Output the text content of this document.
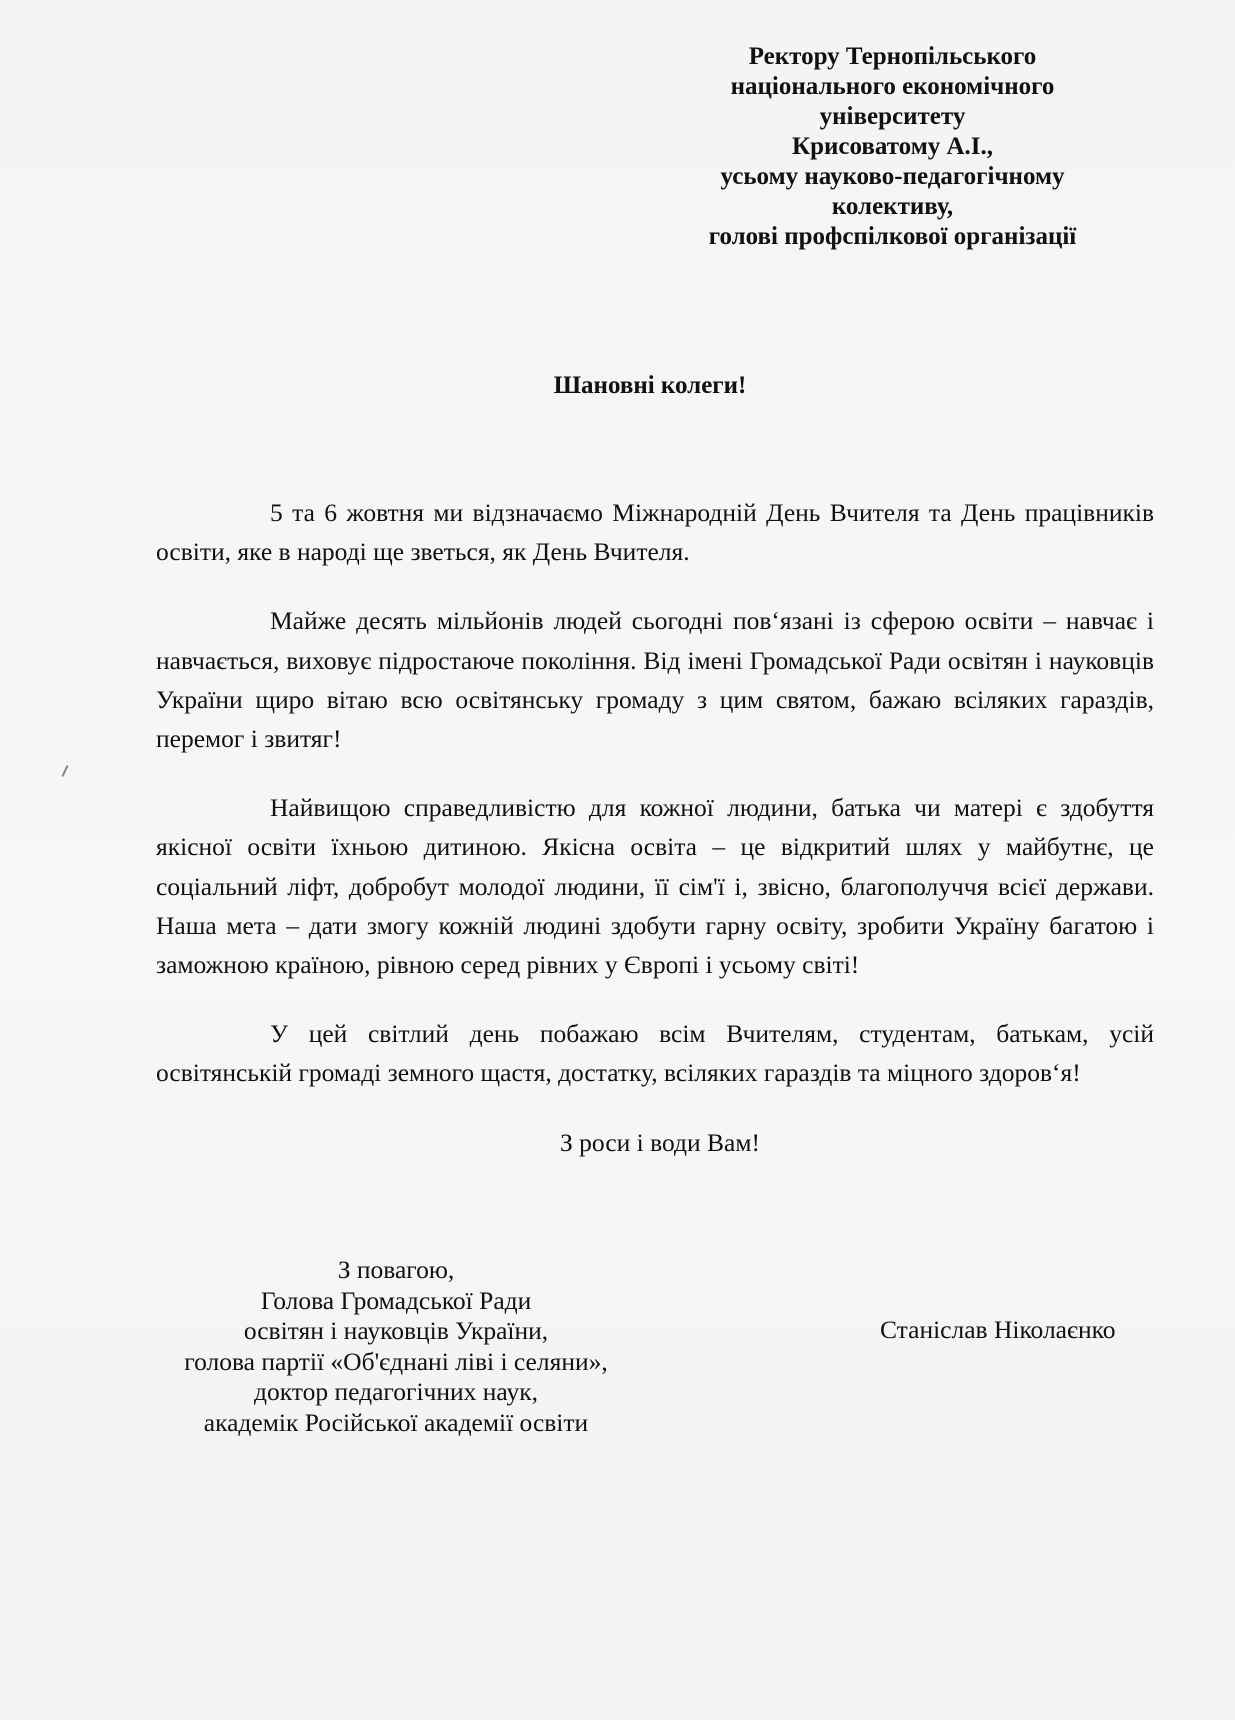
Ректору Тернопільського
національного економічного
університету
Крисоватому А.І.,
усьому науково-педагогічному
колективу,
голові профспілкової організації
Шановні колеги!

5 та 6 жовтня ми відзначаємо Міжнародній День Вчителя та День працівників освіти, яке в народі ще зветься, як День Вчителя.

Майже десять мільйонів людей сьогодні пов‘язані із сферою освіти – навчає і навчається, виховує підростаюче покоління. Від імені Громадської Ради освітян і науковців України щиро вітаю всю освітянську громаду з цим святом, бажаю всіляких гараздів, перемог і звитяг!

Найвищою справедливістю для кожної людини, батька чи матері є здобуття якісної освіти їхньою дитиною. Якісна освіта – це відкритий шлях у майбутнє, це соціальний ліфт, добробут молодої людини, її сім'ї і, звісно, благополуччя всієї держави. Наша мета – дати змогу кожній людині здобути гарну освіту, зробити Україну багатою і заможною країною, рівною серед рівних у Європі і усьому світі!

У цей світлий день побажаю всім Вчителям, студентам, батькам, усій освітянській громаді земного щастя, достатку, всіляких гараздів та міцного здоров‘я!

З роси і води Вам!

З повагою,
Голова Громадської Ради
освітян і науковців України,
голова партії «Об'єднані ліві і селяни»,
доктор педагогічних наук,
академік Російської академії освіти
Станіслав Ніколаєнко
